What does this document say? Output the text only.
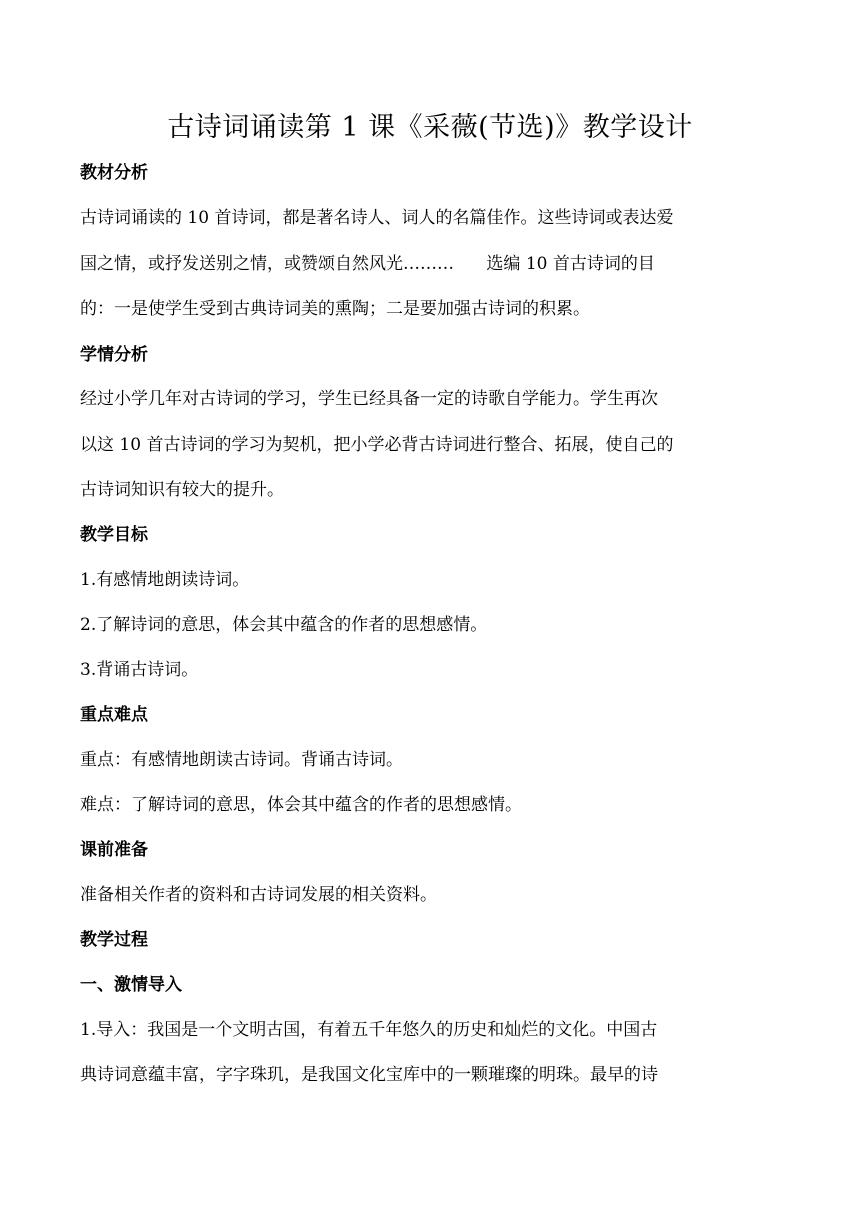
古诗词诵读第 1 课《采薇(节选)》教学设计
教材分析
古诗词诵读的 10 首诗词，都是著名诗人、词人的名篇佳作。这些诗词或表达爱
国之情，或抒发送别之情，或赞颂自然风光………      选编 10 首古诗词的目
的：一是使学生受到古典诗词美的熏陶；二是要加强古诗词的积累。
学情分析
经过小学几年对古诗词的学习，学生已经具备一定的诗歌自学能力。学生再次
以这 10 首古诗词的学习为契机，把小学必背古诗词进行整合、拓展，使自己的
古诗词知识有较大的提升。
教学目标
1.有感情地朗读诗词。
2.了解诗词的意思，体会其中蕴含的作者的思想感情。
3.背诵古诗词。
重点难点
重点：有感情地朗读古诗词。背诵古诗词。
难点：了解诗词的意思，体会其中蕴含的作者的思想感情。
课前准备
准备相关作者的资料和古诗词发展的相关资料。
教学过程
一、激情导入
1.导入：我国是一个文明古国，有着五千年悠久的历史和灿烂的文化。中国古
典诗词意蕴丰富，字字珠玑，是我国文化宝库中的一颗璀璨的明珠。最早的诗
